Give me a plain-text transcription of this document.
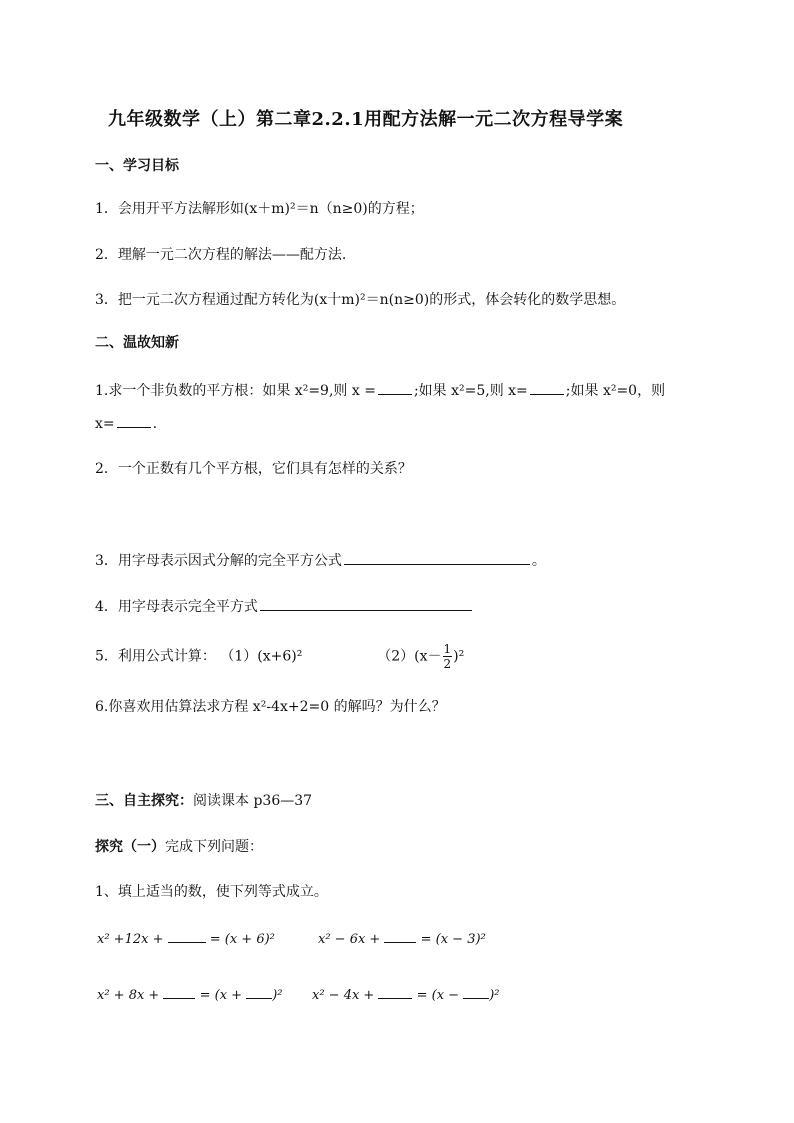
九年级数学（上）第二章2.2.1用配方法解一元二次方程导学案
一、学习目标
1．会用开平方法解形如(x＋m)²＝n（n≥0)的方程；
2．理解一元二次方程的解法——配方法.
3．把一元二次方程通过配方转化为(x十m)²＝n(n≥0)的形式，体会转化的数学思想。
二、温故知新
1.求一个非负数的平方根：如果 x²=9,则 x =	;如果 x²=5,则 x=	;如果 x²=0，则
x=	.
2．一个正数有几个平方根，它们具有怎样的关系？
3．用字母表示因式分解的完全平方公式	。
4．用字母表示完全平方式
5．利用公式计算： （1）(x+6)²	$(2)(x- \frac{1}{2} )^2$
6.你喜欢用估算法求方程 x²-4x+2=0 的解吗？为什么？
三、自主探究：阅读课本 p36—37
探究（一）完成下列问题：
1、填上适当的数，使下列等式成立。
x² +12x +	= (x + 6)²	x² − 6x +	= (x − 3)²
x² + 8x +	= (x + )² x² − 4x +	= (x − )²
